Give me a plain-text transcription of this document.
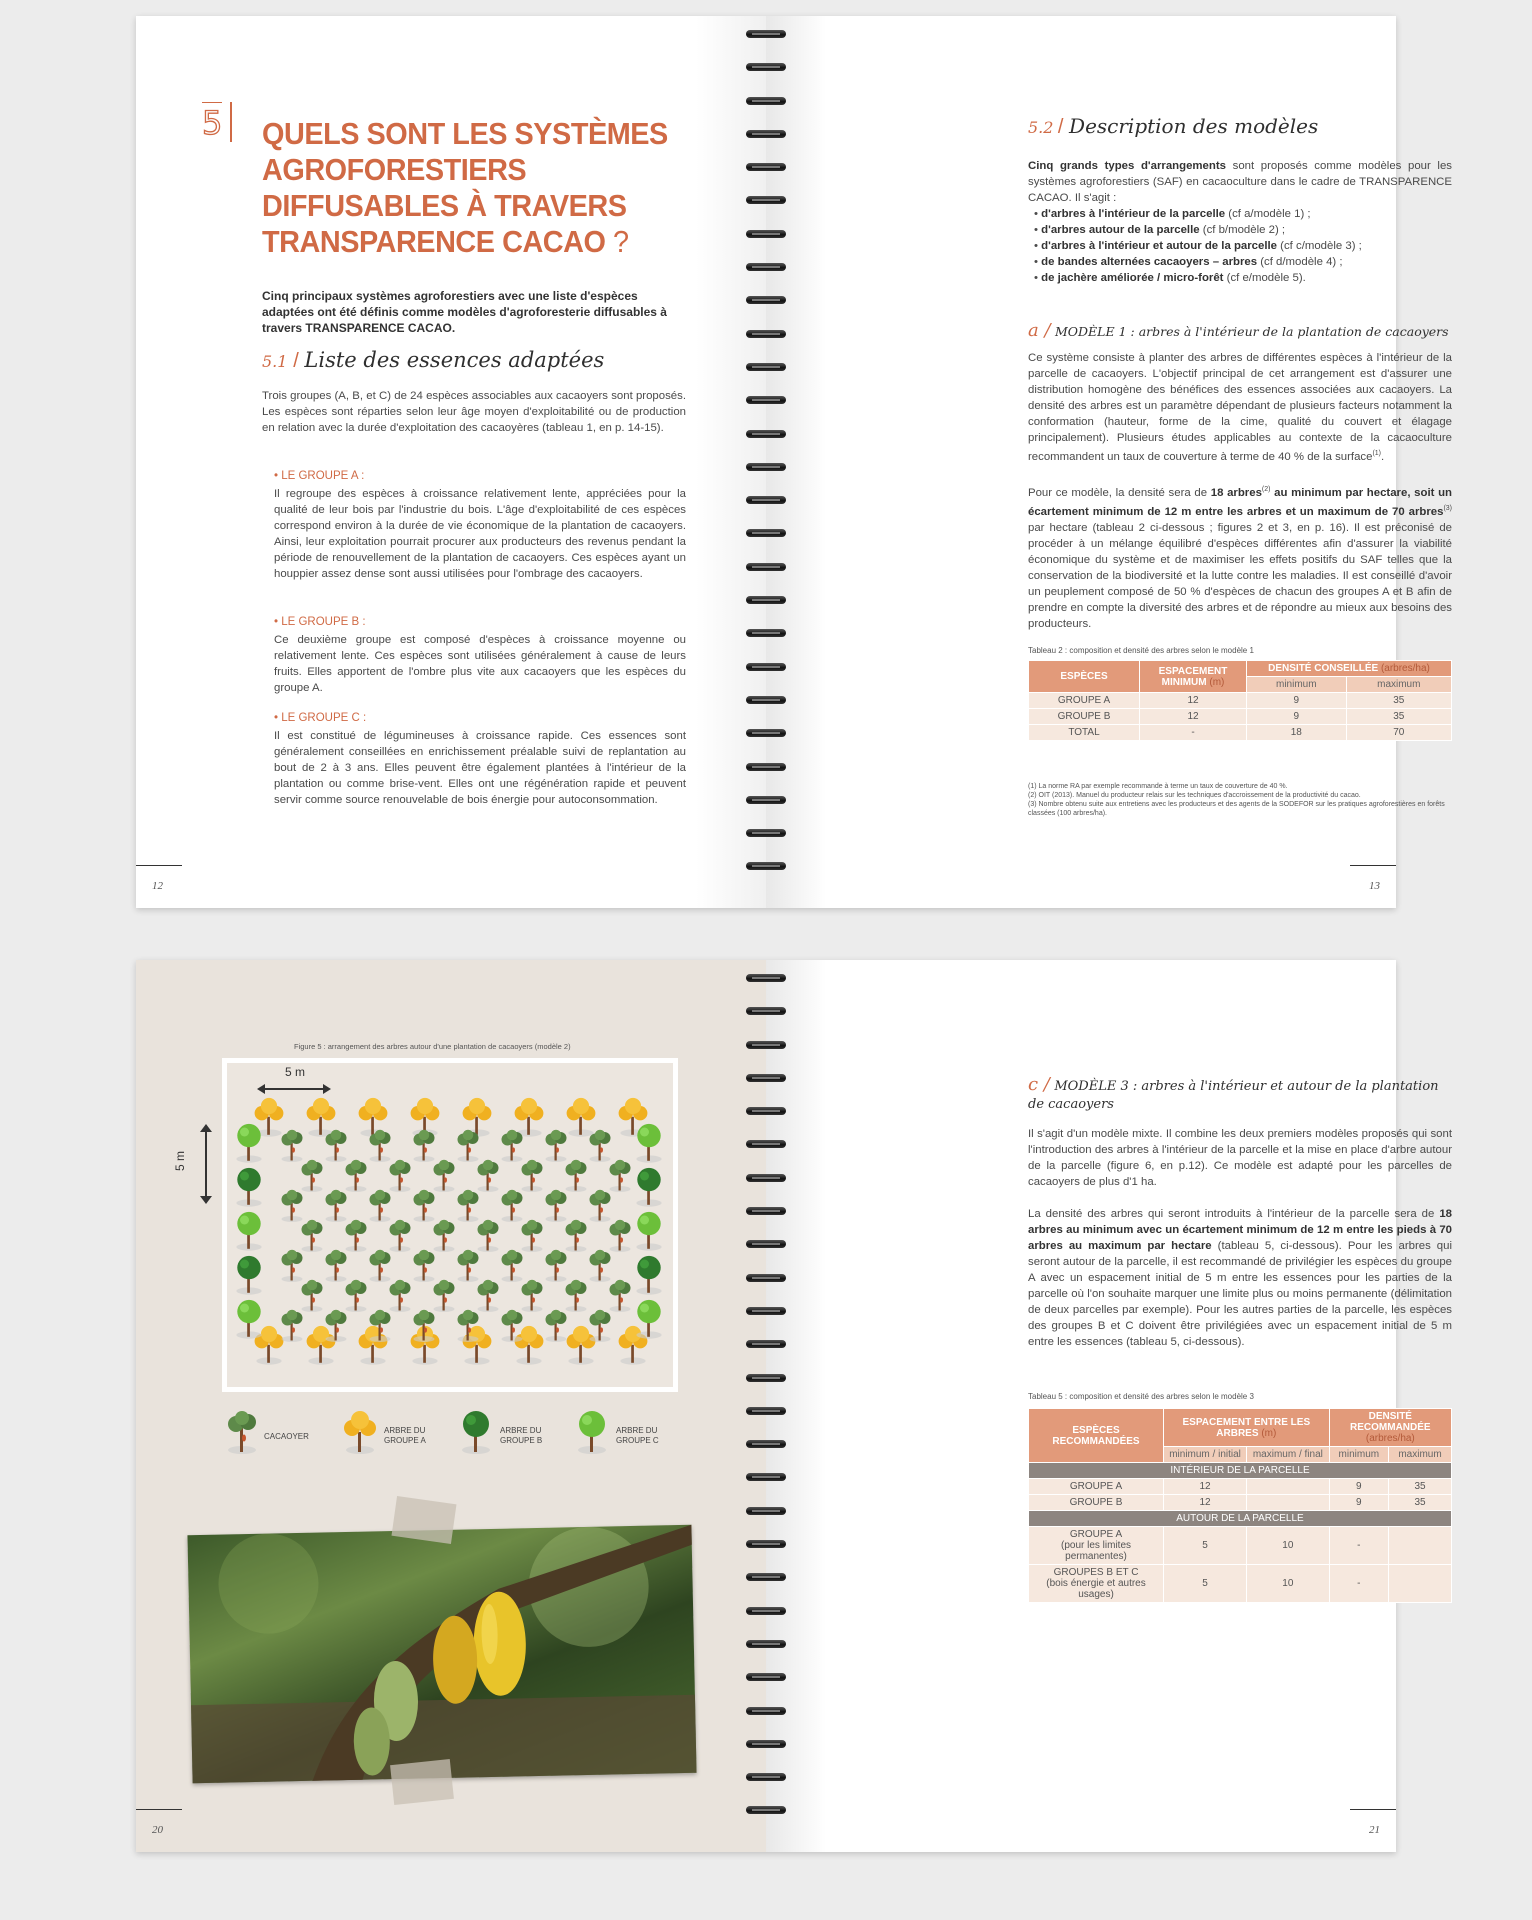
5 QUELS SONT LES SYSTÈMES
AGROFORESTIERS
DIFFUSABLES À TRAVERS
TRANSPARENCE CACAO ?
Cinq principaux systèmes agroforestiers avec une liste d'espèces adaptées ont été définis comme modèles d'agroforesterie diffusables à travers TRANSPARENCE CACAO.
5.1 / Liste des essences adaptées
Trois groupes (A, B, et C) de 24 espèces associables aux cacaoyers sont proposés. Les espèces sont réparties selon leur âge moyen d'exploitabilité ou de production en relation avec la durée d'exploitation des cacaoyères (tableau 1, en p. 14-15).
• LE GROUPE A :
Il regroupe des espèces à croissance relativement lente, appréciées pour la qualité de leur bois par l'industrie du bois. L'âge d'exploitabilité de ces espèces correspond environ à la durée de vie économique de la plantation de cacaoyers. Ainsi, leur exploitation pourrait procurer aux producteurs des revenus pendant la période de renouvellement de la plantation de cacaoyers. Ces espèces ayant un houppier assez dense sont aussi utilisées pour l'ombrage des cacaoyers.
• LE GROUPE B :
Ce deuxième groupe est composé d'espèces à croissance moyenne ou relativement lente. Ces espèces sont utilisées généralement à cause de leurs fruits. Elles apportent de l'ombre plus vite aux cacaoyers que les espèces du groupe A.
• LE GROUPE C :
Il est constitué de légumineuses à croissance rapide. Ces essences sont généralement conseillées en enrichissement préalable suivi de replantation au bout de 2 à 3 ans. Elles peuvent être également plantées à l'intérieur de la plantation ou comme brise-vent. Elles ont une régénération rapide et peuvent servir comme source renouvelable de bois énergie pour autoconsommation.
12
5.2 / Description des modèles
Cinq grands types d'arrangements sont proposés comme modèles pour les systèmes agroforestiers (SAF) en cacaoculture dans le cadre de TRANSPARENCE CACAO. Il s'agit :
• d'arbres à l'intérieur de la parcelle (cf a/modèle 1) ;
• d'arbres autour de la parcelle (cf b/modèle 2) ;
• d'arbres à l'intérieur et autour de la parcelle (cf c/modèle 3) ;
• de bandes alternées cacaoyers – arbres (cf d/modèle 4) ;
• de jachère améliorée / micro-forêt (cf e/modèle 5).
a / MODÈLE 1 : arbres à l'intérieur de la plantation de cacaoyers
Ce système consiste à planter des arbres de différentes espèces à l'intérieur de la parcelle de cacaoyers. L'objectif principal de cet arrangement est d'assurer une distribution homogène des bénéfices des essences associées aux cacaoyers. La densité des arbres est un paramètre dépendant de plusieurs facteurs notamment la conformation (hauteur, forme de la cime, qualité du couvert et élagage principalement). Plusieurs études applicables au contexte de la cacaoculture recommandent un taux de couverture à terme de 40 % de la surface$^{(1)}$.
Pour ce modèle, la densité sera de 18 arbres$^{(2)}$ au minimum par hectare, soit un écartement minimum de 12 m entre les arbres et un maximum de 70 arbres$^{(3)}$ par hectare (tableau 2 ci-dessous ; figures 2 et 3, en p. 16). Il est préconisé de procéder à un mélange équilibré d'espèces différentes afin d'assurer la viabilité économique du système et de maximiser les effets positifs du SAF telles que la conservation de la biodiversité et la lutte contre les maladies. Il est conseillé d'avoir un peuplement composé de 50 % d'espèces de chacun des groupes A et B afin de prendre en compte la diversité des arbres et de répondre au mieux aux besoins des producteurs.
Tableau 2 : composition et densité des arbres selon le modèle 1
ESPÈCES	ESPACEMENT MINIMUM (m)	DENSITÉ CONSEILLÉE (arbres/ha)	
		minimum	maximum
GROUPE A	12	9	35
GROUPE B	12	9	35
TOTAL	-	18	70
(1) La norme RA par exemple recommande à terme un taux de couverture de 40 %.
(2) OIT (2013). Manuel du producteur relais sur les techniques d'accroissement de la productivité du cacao.
(3) Nombre obtenu suite aux entretiens avec les producteurs et des agents de la SODEFOR sur les pratiques agroforestières en forêts classées (100 arbres/ha).
13
Figure 5 : arrangement des arbres autour d'une plantation de cacaoyers (modèle 2)
5 m
5 m
CACAOYER
ARBRE DU GROUPE A
ARBRE DU GROUPE B
ARBRE DU GROUPE C
20
c / MODÈLE 3 : arbres à l'intérieur et autour de la plantation
de cacaoyers
Il s'agit d'un modèle mixte. Il combine les deux premiers modèles proposés qui sont l'introduction des arbres à l'intérieur de la parcelle et la mise en place d'arbre autour de la parcelle (figure 6, en p.12). Ce modèle est adapté pour les parcelles de cacaoyers de plus d'1 ha.
La densité des arbres qui seront introduits à l'intérieur de la parcelle sera de 18 arbres au minimum avec un écartement minimum de 12 m entre les pieds à 70 arbres au maximum par hectare (tableau 5, ci-dessous). Pour les arbres qui seront autour de la parcelle, il est recommandé de privilégier les espèces du groupe A avec un espacement initial de 5 m entre les essences pour les parties de la parcelle où l'on souhaite marquer une limite plus ou moins permanente (délimitation de deux parcelles par exemple). Pour les autres parties de la parcelle, les espèces des groupes B et C doivent être privilégiées avec un espacement initial de 5 m entre les essences (tableau 5, ci-dessous).
Tableau 5 : composition et densité des arbres selon le modèle 3
ESPÈCES RECOMMANDÉES	ESPACEMENT ENTRE LES ARBRES (m)		DENSITÉ RECOMMANDÉE
(arbres/ha)	
	minimum / initial	maximum / final	minimum	maximum
INTÉRIEUR DE LA PARCELLE				
GROUPE A	12		9	35
GROUPE B	12		9	35
AUTOUR DE LA PARCELLE				
GROUPE A
(pour les limites permanentes)	5	10	-	
GROUPES B ET C
(bois énergie et autres usages)	5	10	-	
21
